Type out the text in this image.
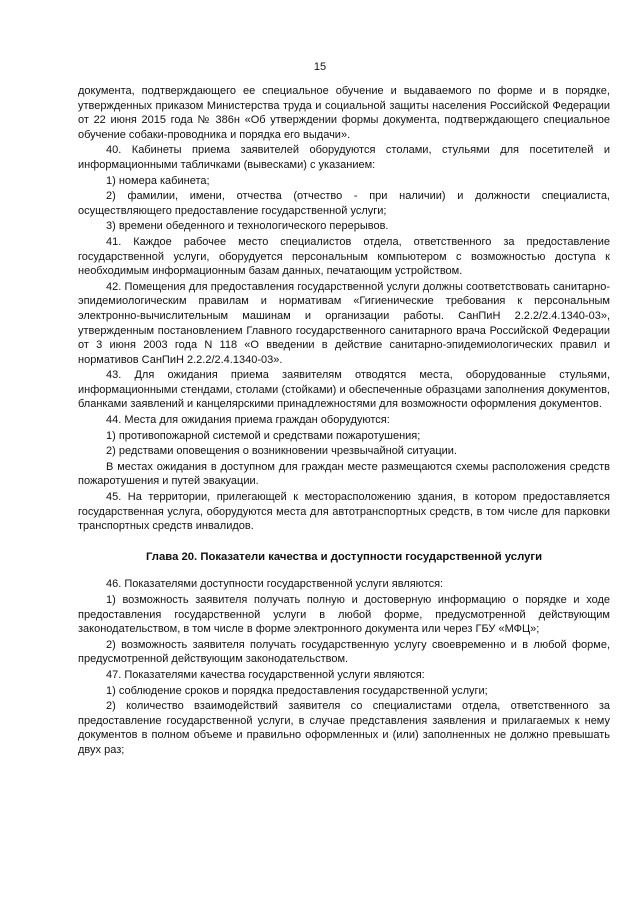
15

документа, подтверждающего ее специальное обучение и выдаваемого по форме и в порядке, утвержденных приказом Министерства труда и социальной защиты населения Российской Федерации от 22 июня 2015 года № 386н «Об утверждении формы документа, подтверждающего специальное обучение собаки-проводника и порядка его выдачи».

40. Кабинеты приема заявителей оборудуются столами, стульями для посетителей и информационными табличками (вывесками) с указанием:

1) номера кабинета;

2) фамилии, имени, отчества (отчество - при наличии) и должности специалиста, осуществляющего предоставление государственной услуги;

3) времени обеденного и технологического перерывов.

41. Каждое рабочее место специалистов отдела, ответственного за предоставление государственной услуги, оборудуется персональным компьютером с возможностью доступа к необходимым информационным базам данных, печатающим устройством.

42. Помещения для предоставления государственной услуги должны соответствовать санитарно-эпидемиологическим правилам и нормативам «Гигиенические требования к персональным электронно-вычислительным машинам и организации работы. СанПиН 2.2.2/2.4.1340-03», утвержденным постановлением Главного государственного санитарного врача Российской Федерации от 3 июня 2003 года N 118 «О введении в действие санитарно-эпидемиологических правил и нормативов СанПиН 2.2.2/2.4.1340-03».

43. Для ожидания приема заявителям отводятся места, оборудованные стульями, информационными стендами, столами (стойками) и обеспеченные образцами заполнения документов, бланками заявлений и канцелярскими принадлежностями для возможности оформления документов.

44. Места для ожидания приема граждан оборудуются:

1) противопожарной системой и средствами пожаротушения;

2) редствами оповещения о возникновении чрезвычайной ситуации.

В местах ожидания в доступном для граждан месте размещаются схемы расположения средств пожаротушения и путей эвакуации.

45. На территории, прилегающей к месторасположению здания, в котором предоставляется государственная услуга, оборудуются места для автотранспортных средств, в том числе для парковки транспортных средств инвалидов.

Глава 20. Показатели качества и доступности государственной услуги

46. Показателями доступности государственной услуги являются:

1) возможность заявителя получать полную и достоверную информацию о порядке и ходе предоставления государственной услуги в любой форме, предусмотренной действующим законодательством, в том числе в форме электронного документа или через ГБУ «МФЦ»;

2) возможность заявителя получать государственную услугу своевременно и в любой форме, предусмотренной действующим законодательством.

47. Показателями качества государственной услуги являются:

1) соблюдение сроков и порядка предоставления государственной услуги;

2) количество взаимодействий заявителя со специалистами отдела, ответственного за предоставление государственной услуги, в случае представления заявления и прилагаемых к нему документов в полном объеме и правильно оформленных и (или) заполненных не должно превышать двух раз;
